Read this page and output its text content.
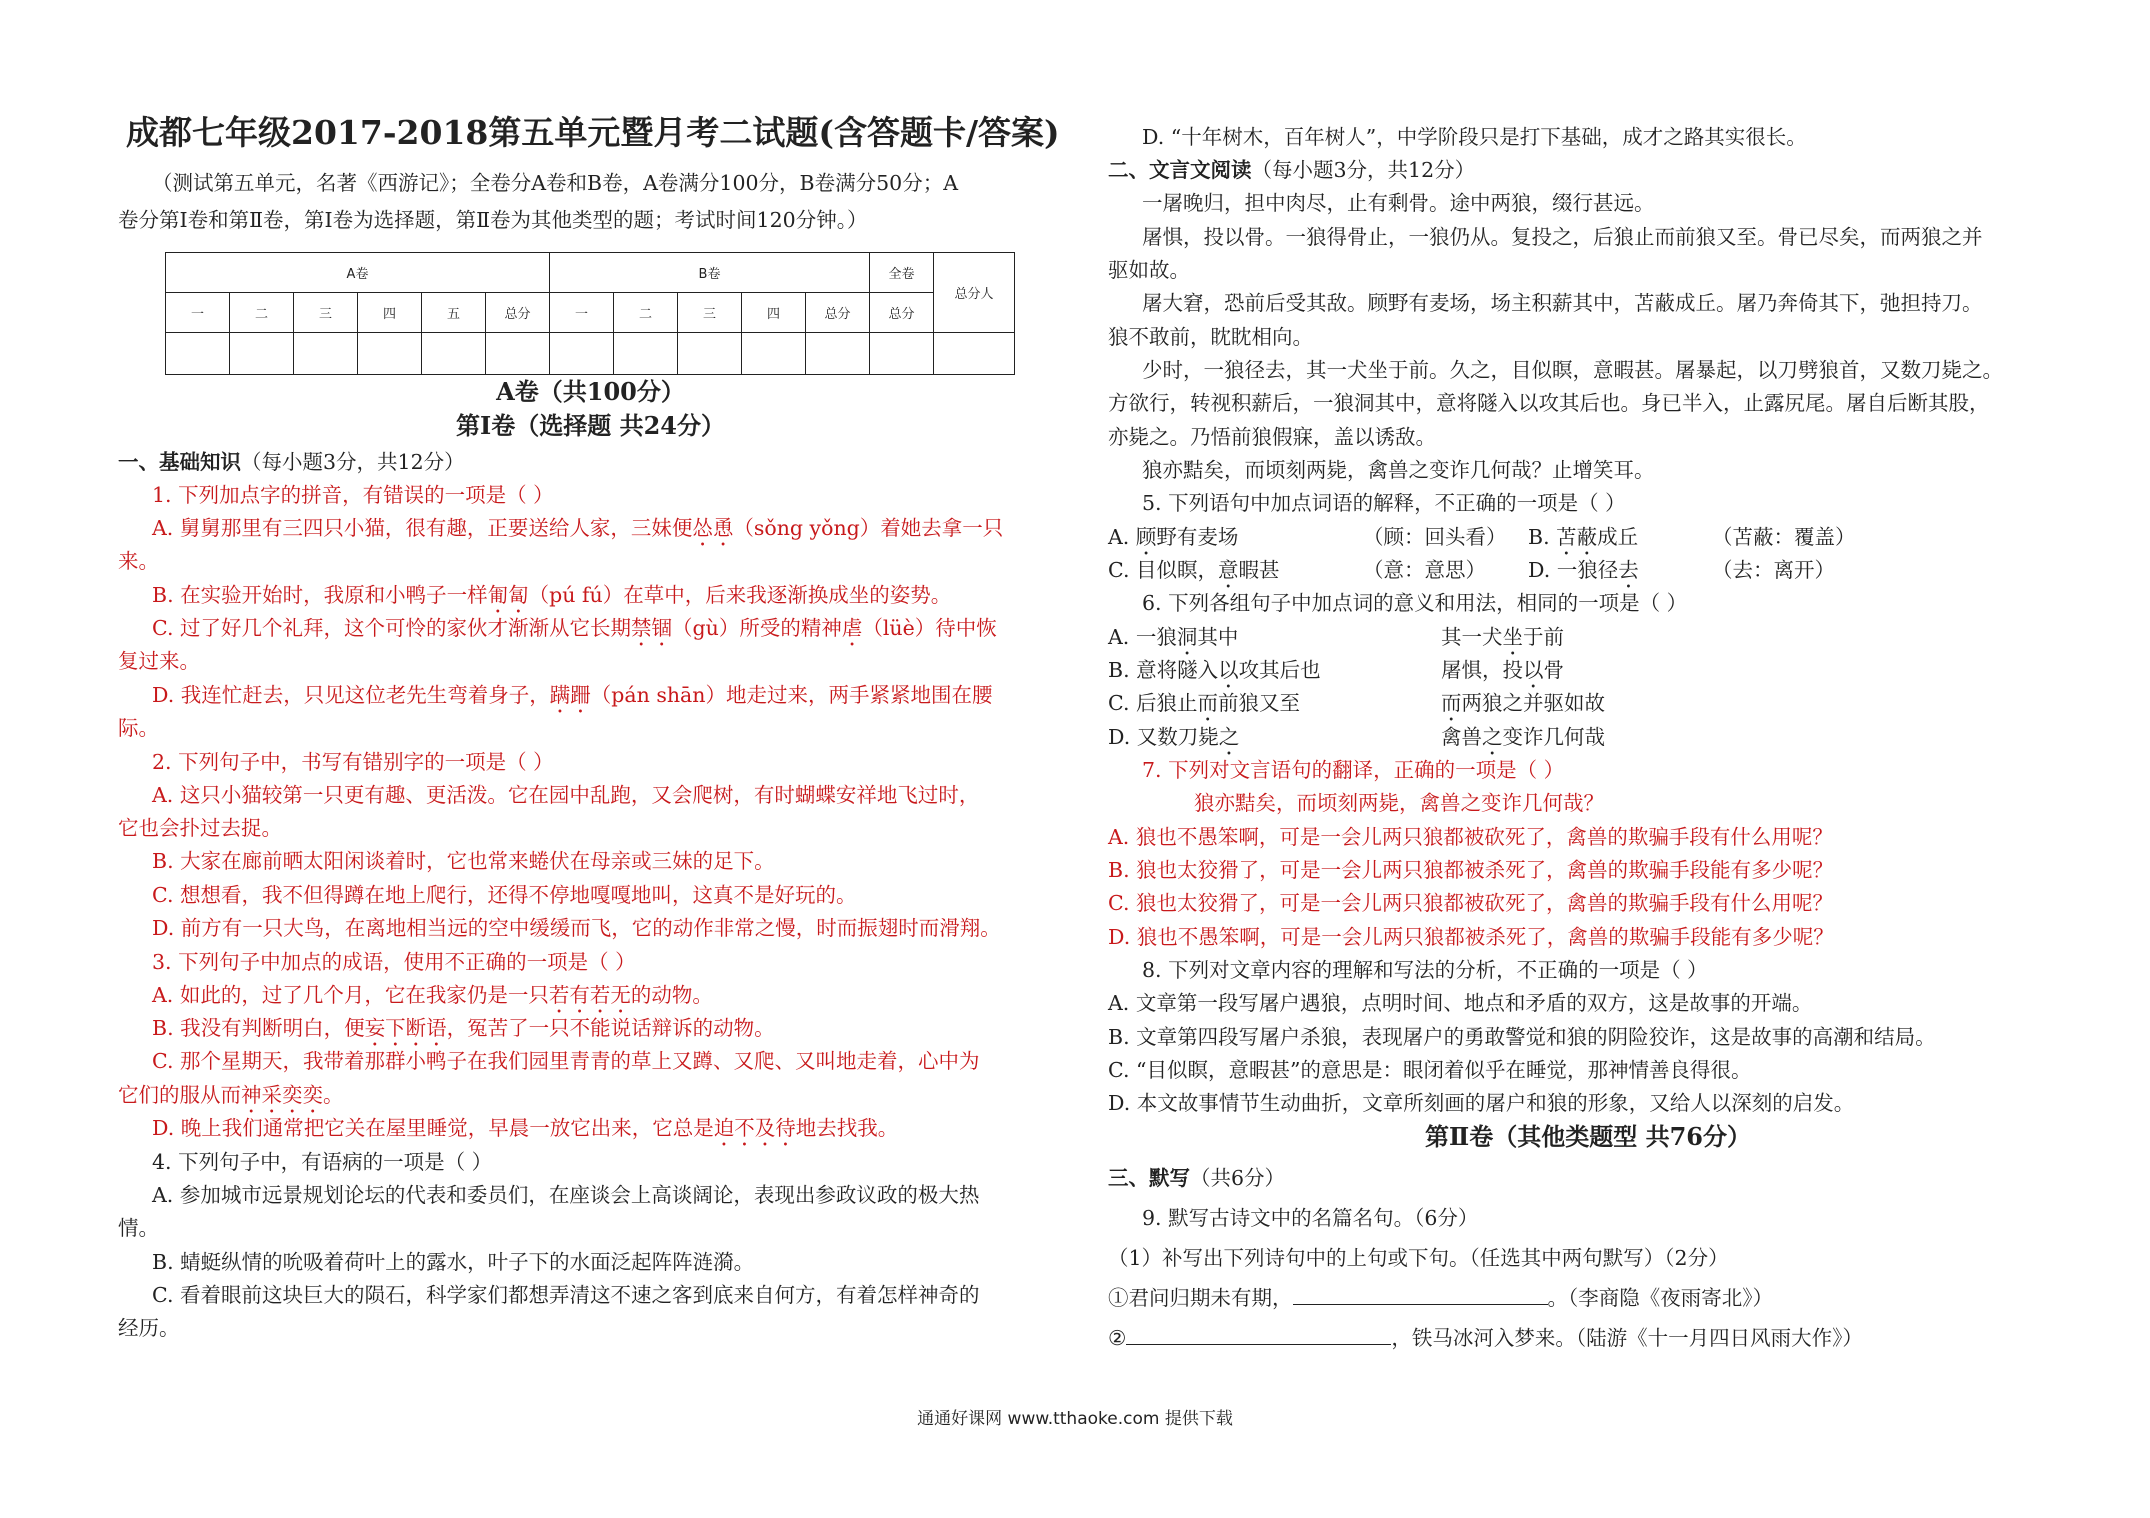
成都七年级2017-2018第五单元暨月考二试题(含答题卡/答案)
（测试第五单元，名著《西游记》；全卷分A卷和B卷，A卷满分100分，B卷满分50分；A
卷分第Ⅰ卷和第Ⅱ卷，第Ⅰ卷为选择题，第Ⅱ卷为其他类型的题；考试时间120分钟。）
A卷（共100分）
第Ⅰ卷（选择题 共24分）
一、基础知识（每小题3分，共12分）
1. 下列加点字的拼音，有错误的一项是（ ）
A. 舅舅那里有三四只小猫，很有趣，正要送给人家，三妹便怂恿（sǒng yǒng）着她去拿一只
来。
B. 在实验开始时，我原和小鸭子一样匍匐（pú fú）在草中，后来我逐渐换成坐的姿势。
C. 过了好几个礼拜，这个可怜的家伙才渐渐从它长期禁锢（gù）所受的精神虐（lüè）待中恢
复过来。
D. 我连忙赶去，只见这位老先生弯着身子，蹒跚（pán shān）地走过来，两手紧紧地围在腰
际。
2. 下列句子中，书写有错别字的一项是（ ）
A. 这只小猫较第一只更有趣、更活泼。它在园中乱跑，又会爬树，有时蝴蝶安祥地飞过时，
它也会扑过去捉。
B. 大家在廊前晒太阳闲谈着时，它也常来蜷伏在母亲或三妹的足下。
C. 想想看，我不但得蹲在地上爬行，还得不停地嘎嘎地叫，这真不是好玩的。
D. 前方有一只大鸟，在离地相当远的空中缓缓而飞，它的动作非常之慢，时而振翅时而滑翔。
3. 下列句子中加点的成语，使用不正确的一项是（ ）
A. 如此的，过了几个月，它在我家仍是一只若有若无的动物。
B. 我没有判断明白，便妄下断语，冤苦了一只不能说话辩诉的动物。
C. 那个星期天，我带着那群小鸭子在我们园里青青的草上又蹲、又爬、又叫地走着，心中为
它们的服从而神采奕奕。
D. 晚上我们通常把它关在屋里睡觉，早晨一放它出来，它总是迫不及待地去找我。
4. 下列句子中，有语病的一项是（ ）
A. 参加城市远景规划论坛的代表和委员们，在座谈会上高谈阔论，表现出参政议政的极大热
情。
B. 蜻蜓纵情的吮吸着荷叶上的露水，叶子下的水面泛起阵阵涟漪。
C. 看着眼前这块巨大的陨石，科学家们都想弄清这不速之客到底来自何方，有着怎样神奇的
经历。
A卷						B卷					全卷	总分人
一	二	三	四	五	总分	一	二	三	四	总分	总分	

D. “十年树木，百年树人”，中学阶段只是打下基础，成才之路其实很长。
二、文言文阅读（每小题3分，共12分）
一屠晚归，担中肉尽，止有剩骨。途中两狼，缀行甚远。
屠惧，投以骨。一狼得骨止，一狼仍从。复投之，后狼止而前狼又至。骨已尽矣，而两狼之并
驱如故。
屠大窘，恐前后受其敌。顾野有麦场，场主积薪其中，苫蔽成丘。屠乃奔倚其下，弛担持刀。
狼不敢前，眈眈相向。
少时，一狼径去，其一犬坐于前。久之，目似瞑，意暇甚。屠暴起，以刀劈狼首，又数刀毙之。
方欲行，转视积薪后，一狼洞其中，意将隧入以攻其后也。身已半入，止露尻尾。屠自后断其股，
亦毙之。乃悟前狼假寐，盖以诱敌。
狼亦黠矣，而顷刻两毙，禽兽之变诈几何哉？止增笑耳。
5. 下列语句中加点词语的解释，不正确的一项是（ ）
A. 顾野有麦场	（顾：回头看） B. 苫蔽成丘	（苫蔽：覆盖）
C. 目似瞑，意暇甚	（意：意思） D. 一狼径去	（去：离开）
6. 下列各组句子中加点词的意义和用法，相同的一项是（ ）
A. 一狼洞其中	其一犬坐于前
B. 意将隧入以攻其后也	屠惧，投以骨
C. 后狼止而前狼又至	而两狼之并驱如故
D. 又数刀毙之	禽兽之变诈几何哉
7. 下列对文言语句的翻译，正确的一项是（ ）
狼亦黠矣，而顷刻两毙，禽兽之变诈几何哉？
A. 狼也不愚笨啊，可是一会儿两只狼都被砍死了，禽兽的欺骗手段有什么用呢？
B. 狼也太狡猾了，可是一会儿两只狼都被杀死了，禽兽的欺骗手段能有多少呢？
C. 狼也太狡猾了，可是一会儿两只狼都被砍死了，禽兽的欺骗手段有什么用呢？
D. 狼也不愚笨啊，可是一会儿两只狼都被杀死了，禽兽的欺骗手段能有多少呢？
8. 下列对文章内容的理解和写法的分析，不正确的一项是（ ）
A. 文章第一段写屠户遇狼，点明时间、地点和矛盾的双方，这是故事的开端。
B. 文章第四段写屠户杀狼，表现屠户的勇敢警觉和狼的阴险狡诈，这是故事的高潮和结局。
C. “目似瞑，意暇甚”的意思是：眼闭着似乎在睡觉，那神情善良得很。
D. 本文故事情节生动曲折，文章所刻画的屠户和狼的形象，又给人以深刻的启发。
第Ⅱ卷（其他类题型 共76分）
三、默写（共6分）
9. 默写古诗文中的名篇名句。（6分）
（1）补写出下列诗句中的上句或下句。（任选其中两句默写）（2分）
①君问归期未有期，	。（李商隐《夜雨寄北》）
②	，铁马冰河入梦来。（陆游《十一月四日风雨大作》）
通通好课网 www.tthaoke.com 提供下载
